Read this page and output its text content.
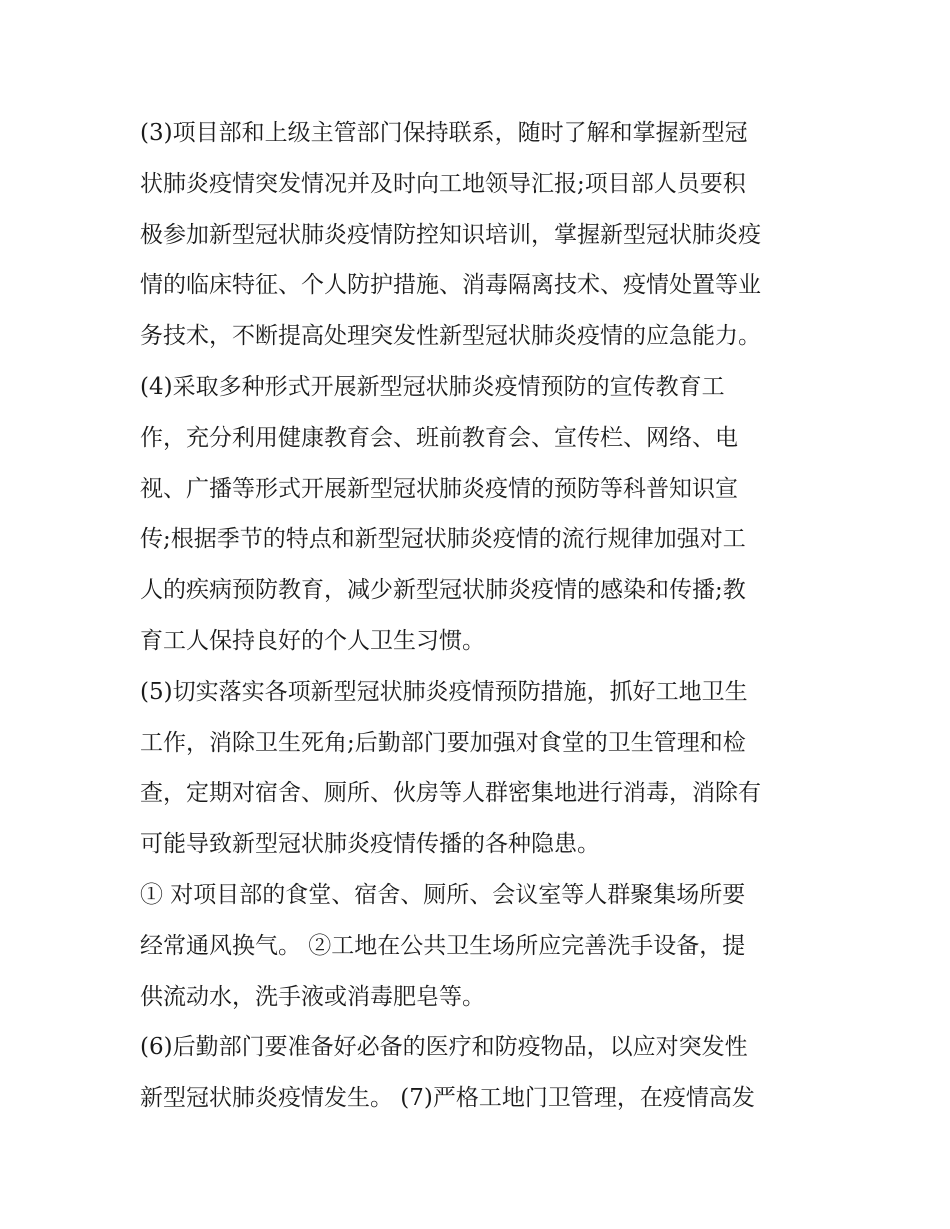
(3)项目部和上级主管部门保持联系，随时了解和掌握新型冠
状肺炎疫情突发情况并及时向工地领导汇报;项目部人员要积
极参加新型冠状肺炎疫情防控知识培训，掌握新型冠状肺炎疫
情的临床特征、个人防护措施、消毒隔离技术、疫情处置等业
务技术，不断提高处理突发性新型冠状肺炎疫情的应急能力。
(4)采取多种形式开展新型冠状肺炎疫情预防的宣传教育工
作，充分利用健康教育会、班前教育会、宣传栏、网络、电
视、广播等形式开展新型冠状肺炎疫情的预防等科普知识宣
传;根据季节的特点和新型冠状肺炎疫情的流行规律加强对工
人的疾病预防教育，减少新型冠状肺炎疫情的感染和传播;教
育工人保持良好的个人卫生习惯。
(5)切实落实各项新型冠状肺炎疫情预防措施，抓好工地卫生
工作，消除卫生死角;后勤部门要加强对食堂的卫生管理和检
查，定期对宿舍、厕所、伙房等人群密集地进行消毒，消除有
可能导致新型冠状肺炎疫情传播的各种隐患。
① 对项目部的食堂、宿舍、厕所、会议室等人群聚集场所要
经常通风换气。 ②工地在公共卫生场所应完善洗手设备，提
供流动水，洗手液或消毒肥皂等。
(6)后勤部门要准备好必备的医疗和防疫物品，以应对突发性
新型冠状肺炎疫情发生。 (7)严格工地门卫管理，在疫情高发
